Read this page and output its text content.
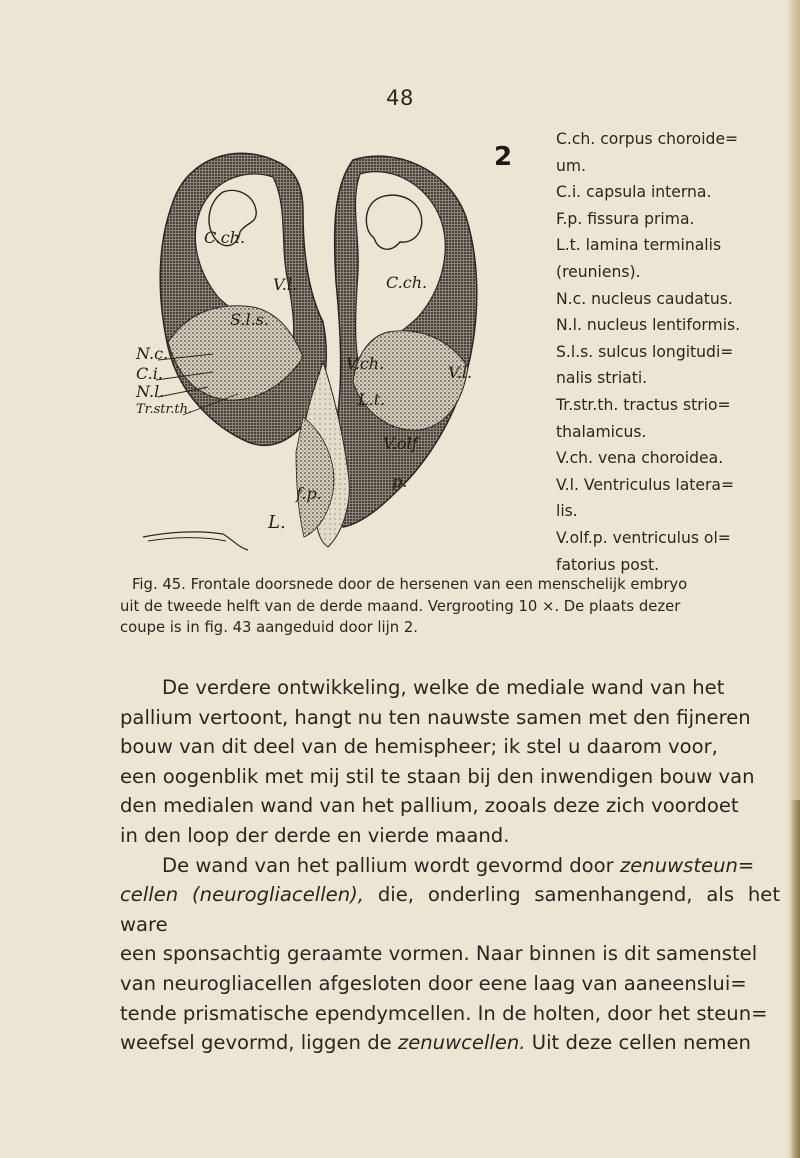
48
2
C.ch.
C.ch.
V.l.
V.l.
S.l.s.
V.ch.
L.t.
N.c.
C.i.
N.l.
Tr.str.th.
V.olf.
f.p.
p.
L.

C.ch. corpus choroide=

um.

C.i. capsula interna.

F.p. fissura prima.

L.t. lamina terminalis

(reuniens).

N.c. nucleus caudatus.

N.l. nucleus lentiformis.

S.l.s. sulcus longitudi=

nalis striati.

Tr.str.th. tractus strio=

thalamicus.

V.ch. vena choroidea.

V.l. Ventriculus latera=

lis.

V.olf.p. ventriculus ol=

fatorius post.

Fig. 45. Frontale doorsnede door de hersenen van een menschelijk embryo

uit de tweede helft van de derde maand. Vergrooting 10 ×. De plaats dezer

coupe is in fig. 43 aangeduid door lijn 2.

De verdere ontwikkeling, welke de mediale wand van het

pallium vertoont, hangt nu ten nauwste samen met den fijneren

bouw van dit deel van de hemispheer; ik stel u daarom voor,

een oogenblik met mij stil te staan bij den inwendigen bouw van

den medialen wand van het pallium, zooals deze zich voordoet

in den loop der derde en vierde maand.

De wand van het pallium wordt gevormd door zenuwsteun=

cellen (neurogliacellen), die, onderling samenhangend, als het ware

een sponsachtig geraamte vormen. Naar binnen is dit samenstel

van neurogliacellen afgesloten door eene laag van aaneenslui=

tende prismatische ependymcellen. In de holten, door het steun=

weefsel gevormd, liggen de zenuwcellen. Uit deze cellen nemen
